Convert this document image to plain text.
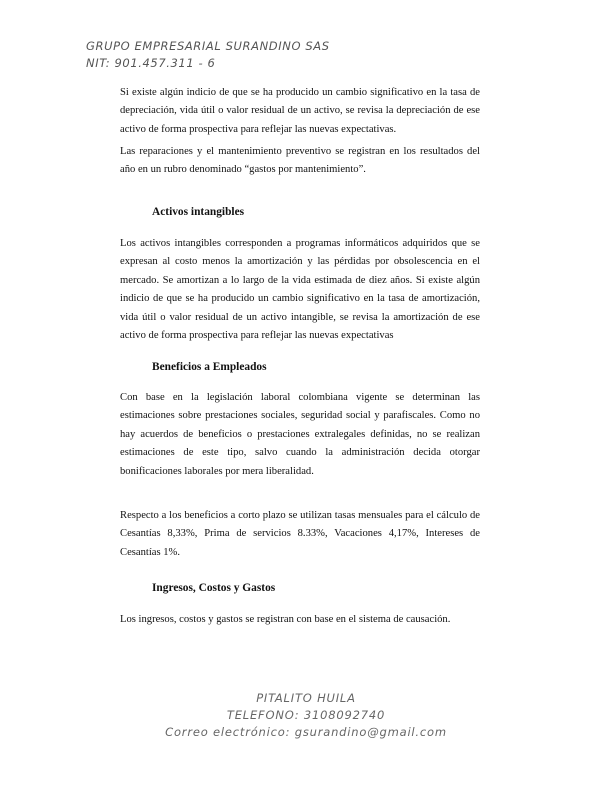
GRUPO EMPRESARIAL SURANDINO SAS
NIT: 901.457.311 - 6

Si existe algún indicio de que se ha producido un cambio significativo en la tasa de depreciación, vida útil o valor residual de un activo, se revisa la depreciación de ese activo de forma prospectiva para reflejar las nuevas expectativas.

Las reparaciones y el mantenimiento preventivo se registran en los resultados del año en un rubro denominado “gastos por mantenimiento”.

Activos intangibles

Los activos intangibles corresponden a programas informáticos adquiridos que se expresan al costo menos la amortización y las pérdidas por obsolescencia en el mercado. Se amortizan a lo largo de la vida estimada de diez años. Si existe algún indicio de que se ha producido un cambio significativo en la tasa de amortización, vida útil o valor residual de un activo intangible, se revisa la amortización de ese activo de forma prospectiva para reflejar las nuevas expectativas

Beneficios a Empleados

Con base en la legislación laboral colombiana vigente se determinan las estimaciones sobre prestaciones sociales, seguridad social y parafiscales. Como no hay acuerdos de beneficios o prestaciones extralegales definidas, no se realizan estimaciones de este tipo, salvo cuando la administración decida otorgar bonificaciones laborales por mera liberalidad.

Respecto a los beneficios a corto plazo se utilizan tasas mensuales para el cálculo de Cesantías 8,33%, Prima de servicios 8.33%, Vacaciones 4,17%, Intereses de Cesantías 1%.

Ingresos, Costos y Gastos

Los ingresos, costos y gastos se registran con base en el sistema de causación.

PITALITO HUILA
TELEFONO: 3108092740
Correo electrónico: gsurandino@gmail.com
